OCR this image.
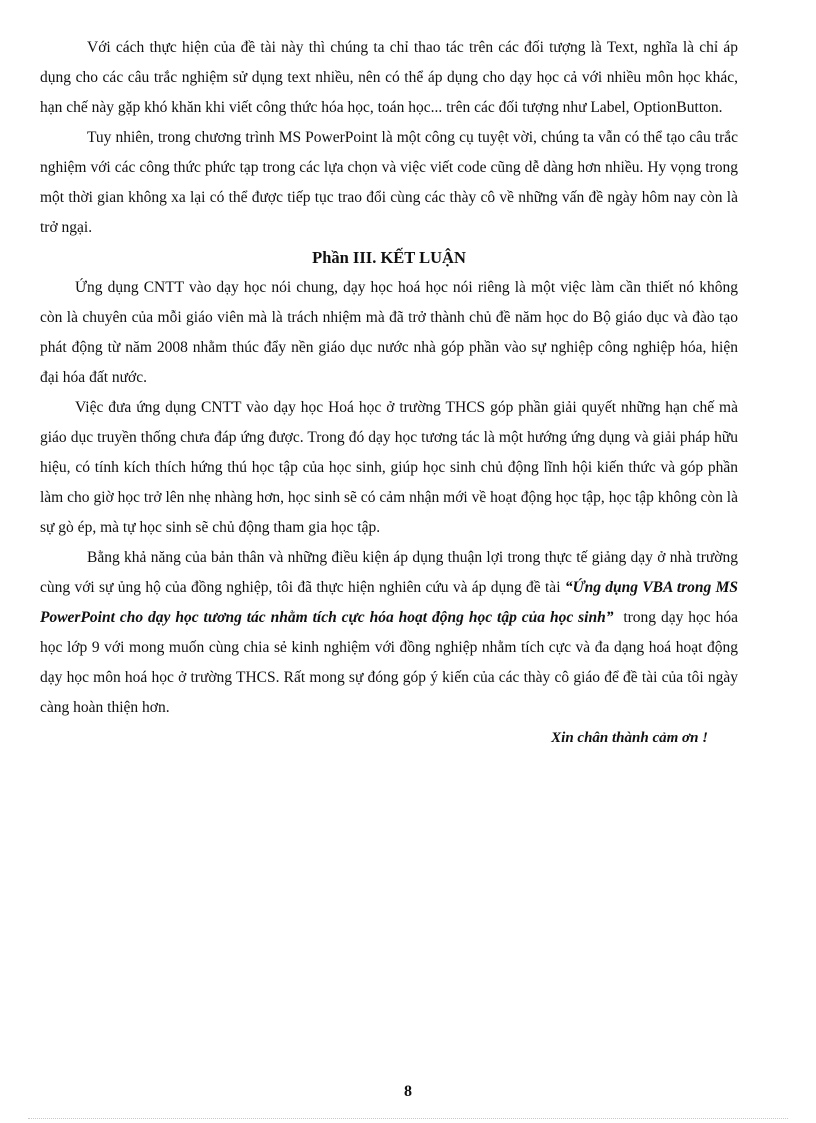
Với cách thực hiện của đề tài này thì chúng ta chỉ thao tác trên các đối tượng là Text, nghĩa là chỉ áp dụng cho các câu trắc nghiệm sử dụng text nhiều, nên có thể áp dụng cho dạy học cả với nhiều môn học khác, hạn chế này gặp khó khăn khi viết công thức hóa học, toán học... trên các đối tượng như Label, OptionButton.

Tuy nhiên, trong chương trình MS PowerPoint là một công cụ tuyệt vời, chúng ta vẫn có thể tạo câu trắc nghiệm với các công thức phức tạp trong các lựa chọn và việc viết code cũng dễ dàng hơn nhiều. Hy vọng trong một thời gian không xa lại có thể được tiếp tục trao đổi cùng các thày cô về những vấn đề ngày hôm nay còn là trở ngại.

Phần III. KẾT LUẬN

Ứng dụng CNTT vào dạy học nói chung, dạy học hoá học nói riêng là một việc làm cần thiết nó không còn là chuyên của mỗi giáo viên mà là trách nhiệm mà đã trở thành chủ đề năm học do Bộ giáo dục và đào tạo phát động từ năm 2008 nhằm thúc đẩy nền giáo dục nước nhà góp phần vào sự nghiệp công nghiệp hóa, hiện đại hóa đất nước.

Việc đưa ứng dụng CNTT vào dạy học Hoá học ở trường THCS góp phần giải quyết những hạn chế mà giáo dục truyền thống chưa đáp ứng được. Trong đó dạy học tương tác là một hướng ứng dụng và giải pháp hữu hiệu, có tính kích thích hứng thú học tập của học sinh, giúp học sinh chủ động lĩnh hội kiến thức và góp phần làm cho giờ học trở lên nhẹ nhàng hơn, học sinh sẽ có cảm nhận mới về hoạt động học tập, học tập không còn là sự gò ép, mà tự học sinh sẽ chủ động tham gia học tập.

Bằng khả năng của bản thân và những điều kiện áp dụng thuận lợi trong thực tế giảng dạy ở nhà trường cùng với sự ủng hộ của đồng nghiệp, tôi đã thực hiện nghiên cứu và áp dụng đề tài “Ứng dụng VBA trong MS PowerPoint cho dạy học tương tác nhằm tích cực hóa hoạt động học tập của học sinh” trong dạy học hóa học lớp 9 với mong muốn cùng chia sẻ kinh nghiệm với đồng nghiệp nhằm tích cực và đa dạng hoá hoạt động dạy học môn hoá học ở trường THCS. Rất mong sự đóng góp ý kiến của các thày cô giáo để đề tài của tôi ngày càng hoàn thiện hơn.

Xin chân thành cảm ơn !
8
